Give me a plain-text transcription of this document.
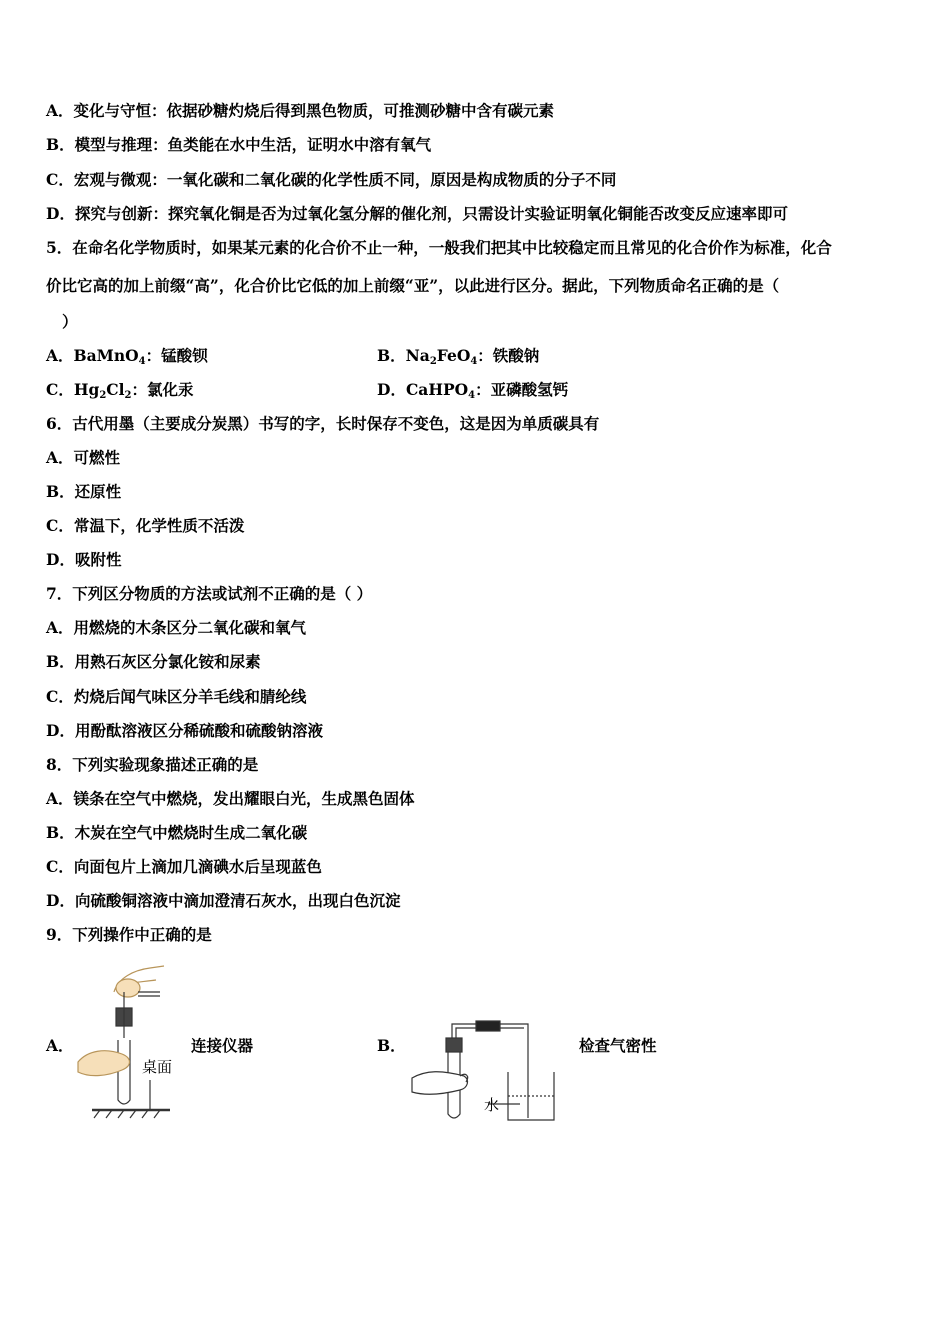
A．变化与守恒：依据砂糖灼烧后得到黑色物质，可推测砂糖中含有碳元素
B．模型与推理：鱼类能在水中生活，证明水中溶有氧气
C．宏观与微观：一氧化碳和二氧化碳的化学性质不同，原因是构成物质的分子不同
D．探究与创新：探究氧化铜是否为过氧化氢分解的催化剂，只需设计实验证明氧化铜能否改变反应速率即可
5．在命名化学物质时，如果某元素的化合价不止一种，一般我们把其中比较稳定而且常见的化合价作为标准，化合
价比它高的加上前缀“高”，化合价比它低的加上前缀“亚”，以此进行区分。据此，下列物质命名正确的是（
）
A．BaMnO$_4$：锰酸钡	B．$Na_2FeO_4$：铁酸钠
C．$Hg_2Cl_2$：氯化汞	D．CaHPO$_4$：亚磷酸氢钙
6．古代用墨（主要成分炭黑）书写的字，长时保存不变色，这是因为单质碳具有
A．可燃性
B．还原性
C．常温下，化学性质不活泼
D．吸附性
7．下列区分物质的方法或试剂不正确的是（ ）
A．用燃烧的木条区分二氧化碳和氧气
B．用熟石灰区分氯化铵和尿素
C．灼烧后闻气味区分羊毛线和腈纶线
D．用酚酞溶液区分稀硫酸和硫酸钠溶液
8．下列实验现象描述正确的是
A．镁条在空气中燃烧，发出耀眼白光，生成黑色固体
B．木炭在空气中燃烧时生成二氧化碳
C．向面包片上滴加几滴碘水后呈现蓝色
D．向硫酸铜溶液中滴加澄清石灰水，出现白色沉淀
9．下列操作中正确的是
A．	连接仪器	B．	检查气密性
桌面
水
